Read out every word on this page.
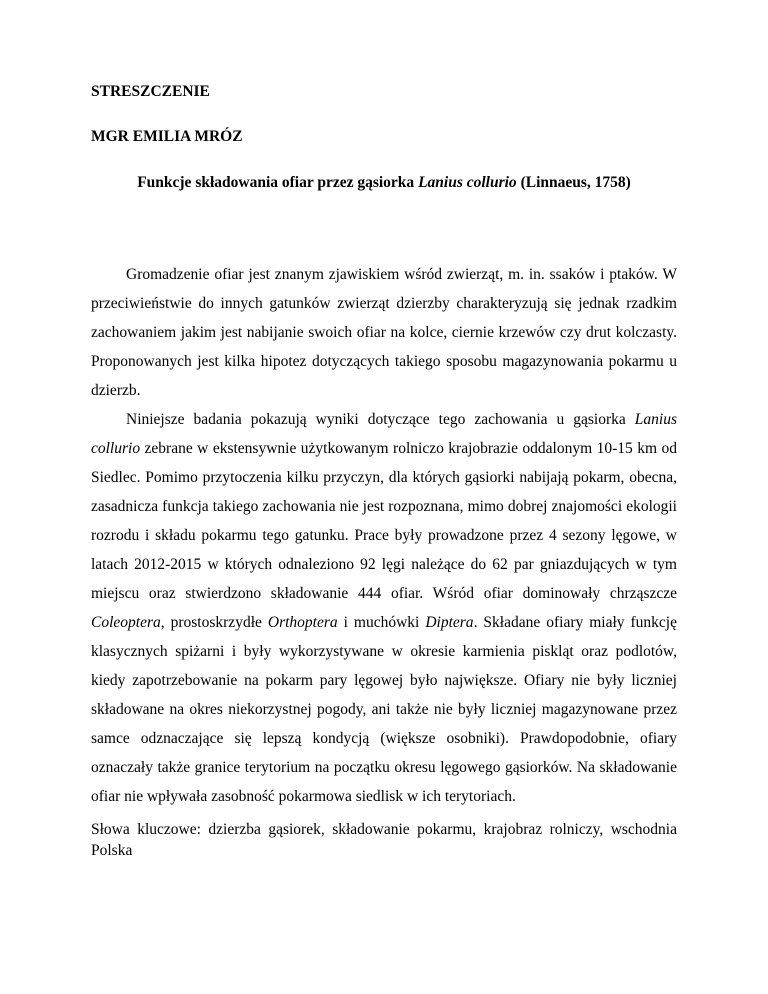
STRESZCZENIE
MGR EMILIA MRÓZ
Funkcje składowania ofiar przez gąsiorka Lanius collurio (Linnaeus, 1758)

Gromadzenie ofiar jest znanym zjawiskiem wśród zwierząt, m. in. ssaków i ptaków. W przeciwieństwie do innych gatunków zwierząt dzierzby charakteryzują się jednak rzadkim zachowaniem jakim jest nabijanie swoich ofiar na kolce, ciernie krzewów czy drut kolczasty. Proponowanych jest kilka hipotez dotyczących takiego sposobu magazynowania pokarmu u dzierzb.

Niniejsze badania pokazują wyniki dotyczące tego zachowania u gąsiorka Lanius collurio zebrane w ekstensywnie użytkowanym rolniczo krajobrazie oddalonym 10-15 km od Siedlec. Pomimo przytoczenia kilku przyczyn, dla których gąsiorki nabijają pokarm, obecna, zasadnicza funkcja takiego zachowania nie jest rozpoznana, mimo dobrej znajomości ekologii rozrodu i składu pokarmu tego gatunku. Prace były prowadzone przez 4 sezony lęgowe, w latach 2012-2015 w których odnaleziono 92 lęgi należące do 62 par gniazdujących w tym miejscu oraz stwierdzono składowanie 444 ofiar. Wśród ofiar dominowały chrząszcze Coleoptera, prostoskrzydłe Orthoptera i muchówki Diptera. Składane ofiary miały funkcję klasycznych spiżarni i były wykorzystywane w okresie karmienia piskląt oraz podlotów, kiedy zapotrzebowanie na pokarm pary lęgowej było największe. Ofiary nie były liczniej składowane na okres niekorzystnej pogody, ani także nie były liczniej magazynowane przez samce odznaczające się lepszą kondycją (większe osobniki). Prawdopodobnie, ofiary oznaczały także granice terytorium na początku okresu lęgowego gąsiorków. Na składowanie ofiar nie wpływała zasobność pokarmowa siedlisk w ich terytoriach.

Słowa kluczowe: dzierzba gąsiorek, składowanie pokarmu, krajobraz rolniczy, wschodnia Polska
